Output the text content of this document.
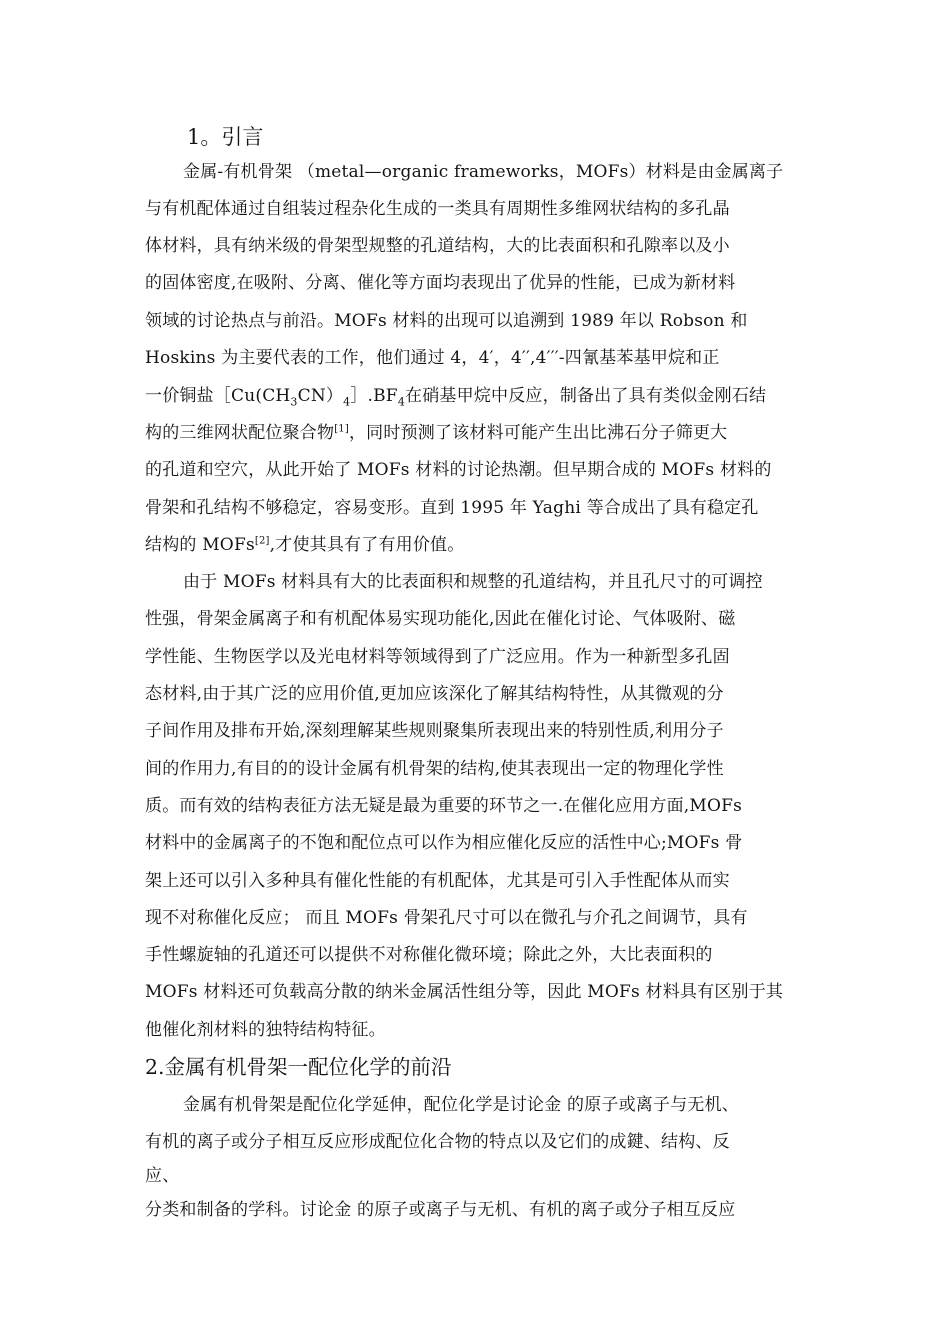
1。引言
金属-有机骨架 （metal—organic frameworks，MOFs）材料是由金属离子
与有机配体通过自组装过程杂化生成的一类具有周期性多维网状结构的多孔晶
体材料，具有纳米级的骨架型规整的孔道结构，大的比表面积和孔隙率以及小
的固体密度,在吸附、分离、催化等方面均表现出了优异的性能，已成为新材料
领域的讨论热点与前沿。MOFs 材料的出现可以追溯到 1989 年以 Robson 和
Hoskins 为主要代表的工作，他们通过 4，4′，4′′,4′′′-四氰基苯基甲烷和正
一价铜盐$[Cu(CH_3CN)_4].BF_4$在硝基甲烷中反应，制备出了具有类似金刚石结
构的三维网状配位聚合物[1]，同时预测了该材料可能产生出比沸石分子筛更大
的孔道和空穴，从此开始了 MOFs 材料的讨论热潮。但早期合成的 MOFs 材料的
骨架和孔结构不够稳定，容易变形。直到 1995 年 Yaghi 等合成出了具有稳定孔
结构的 MOFs[2],才使其具有了有用价值。
由于 MOFs 材料具有大的比表面积和规整的孔道结构，并且孔尺寸的可调控
性强，骨架金属离子和有机配体易实现功能化,因此在催化讨论、气体吸附、磁
学性能、生物医学以及光电材料等领域得到了广泛应用。作为一种新型多孔固
态材料,由于其广泛的应用价值,更加应该深化了解其结构特性，从其微观的分
子间作用及排布开始,深刻理解某些规则聚集所表现出来的特别性质,利用分子
间的作用力,有目的的设计金属有机骨架的结构,使其表现出一定的物理化学性
质。而有效的结构表征方法无疑是最为重要的环节之一.在催化应用方面,MOFs
材料中的金属离子的不饱和配位点可以作为相应催化反应的活性中心;MOFs 骨
架上还可以引入多种具有催化性能的有机配体，尤其是可引入手性配体从而实
现不对称催化反应； 而且 MOFs 骨架孔尺寸可以在微孔与介孔之间调节，具有
手性螺旋轴的孔道还可以提供不对称催化微环境；除此之外，大比表面积的
MOFs 材料还可负载高分散的纳米金属活性组分等，因此 MOFs 材料具有区别于其
他催化剂材料的独特结构特征。
2.金属有机骨架一配位化学的前沿
金属有机骨架是配位化学延伸，配位化学是讨论金 的原子或离子与无机、
有机的离子或分子相互反应形成配位化合物的特点以及它们的成鍵、结构、反
应、
分类和制备的学科。讨论金 的原子或离子与无机、有机的离子或分子相互反应
